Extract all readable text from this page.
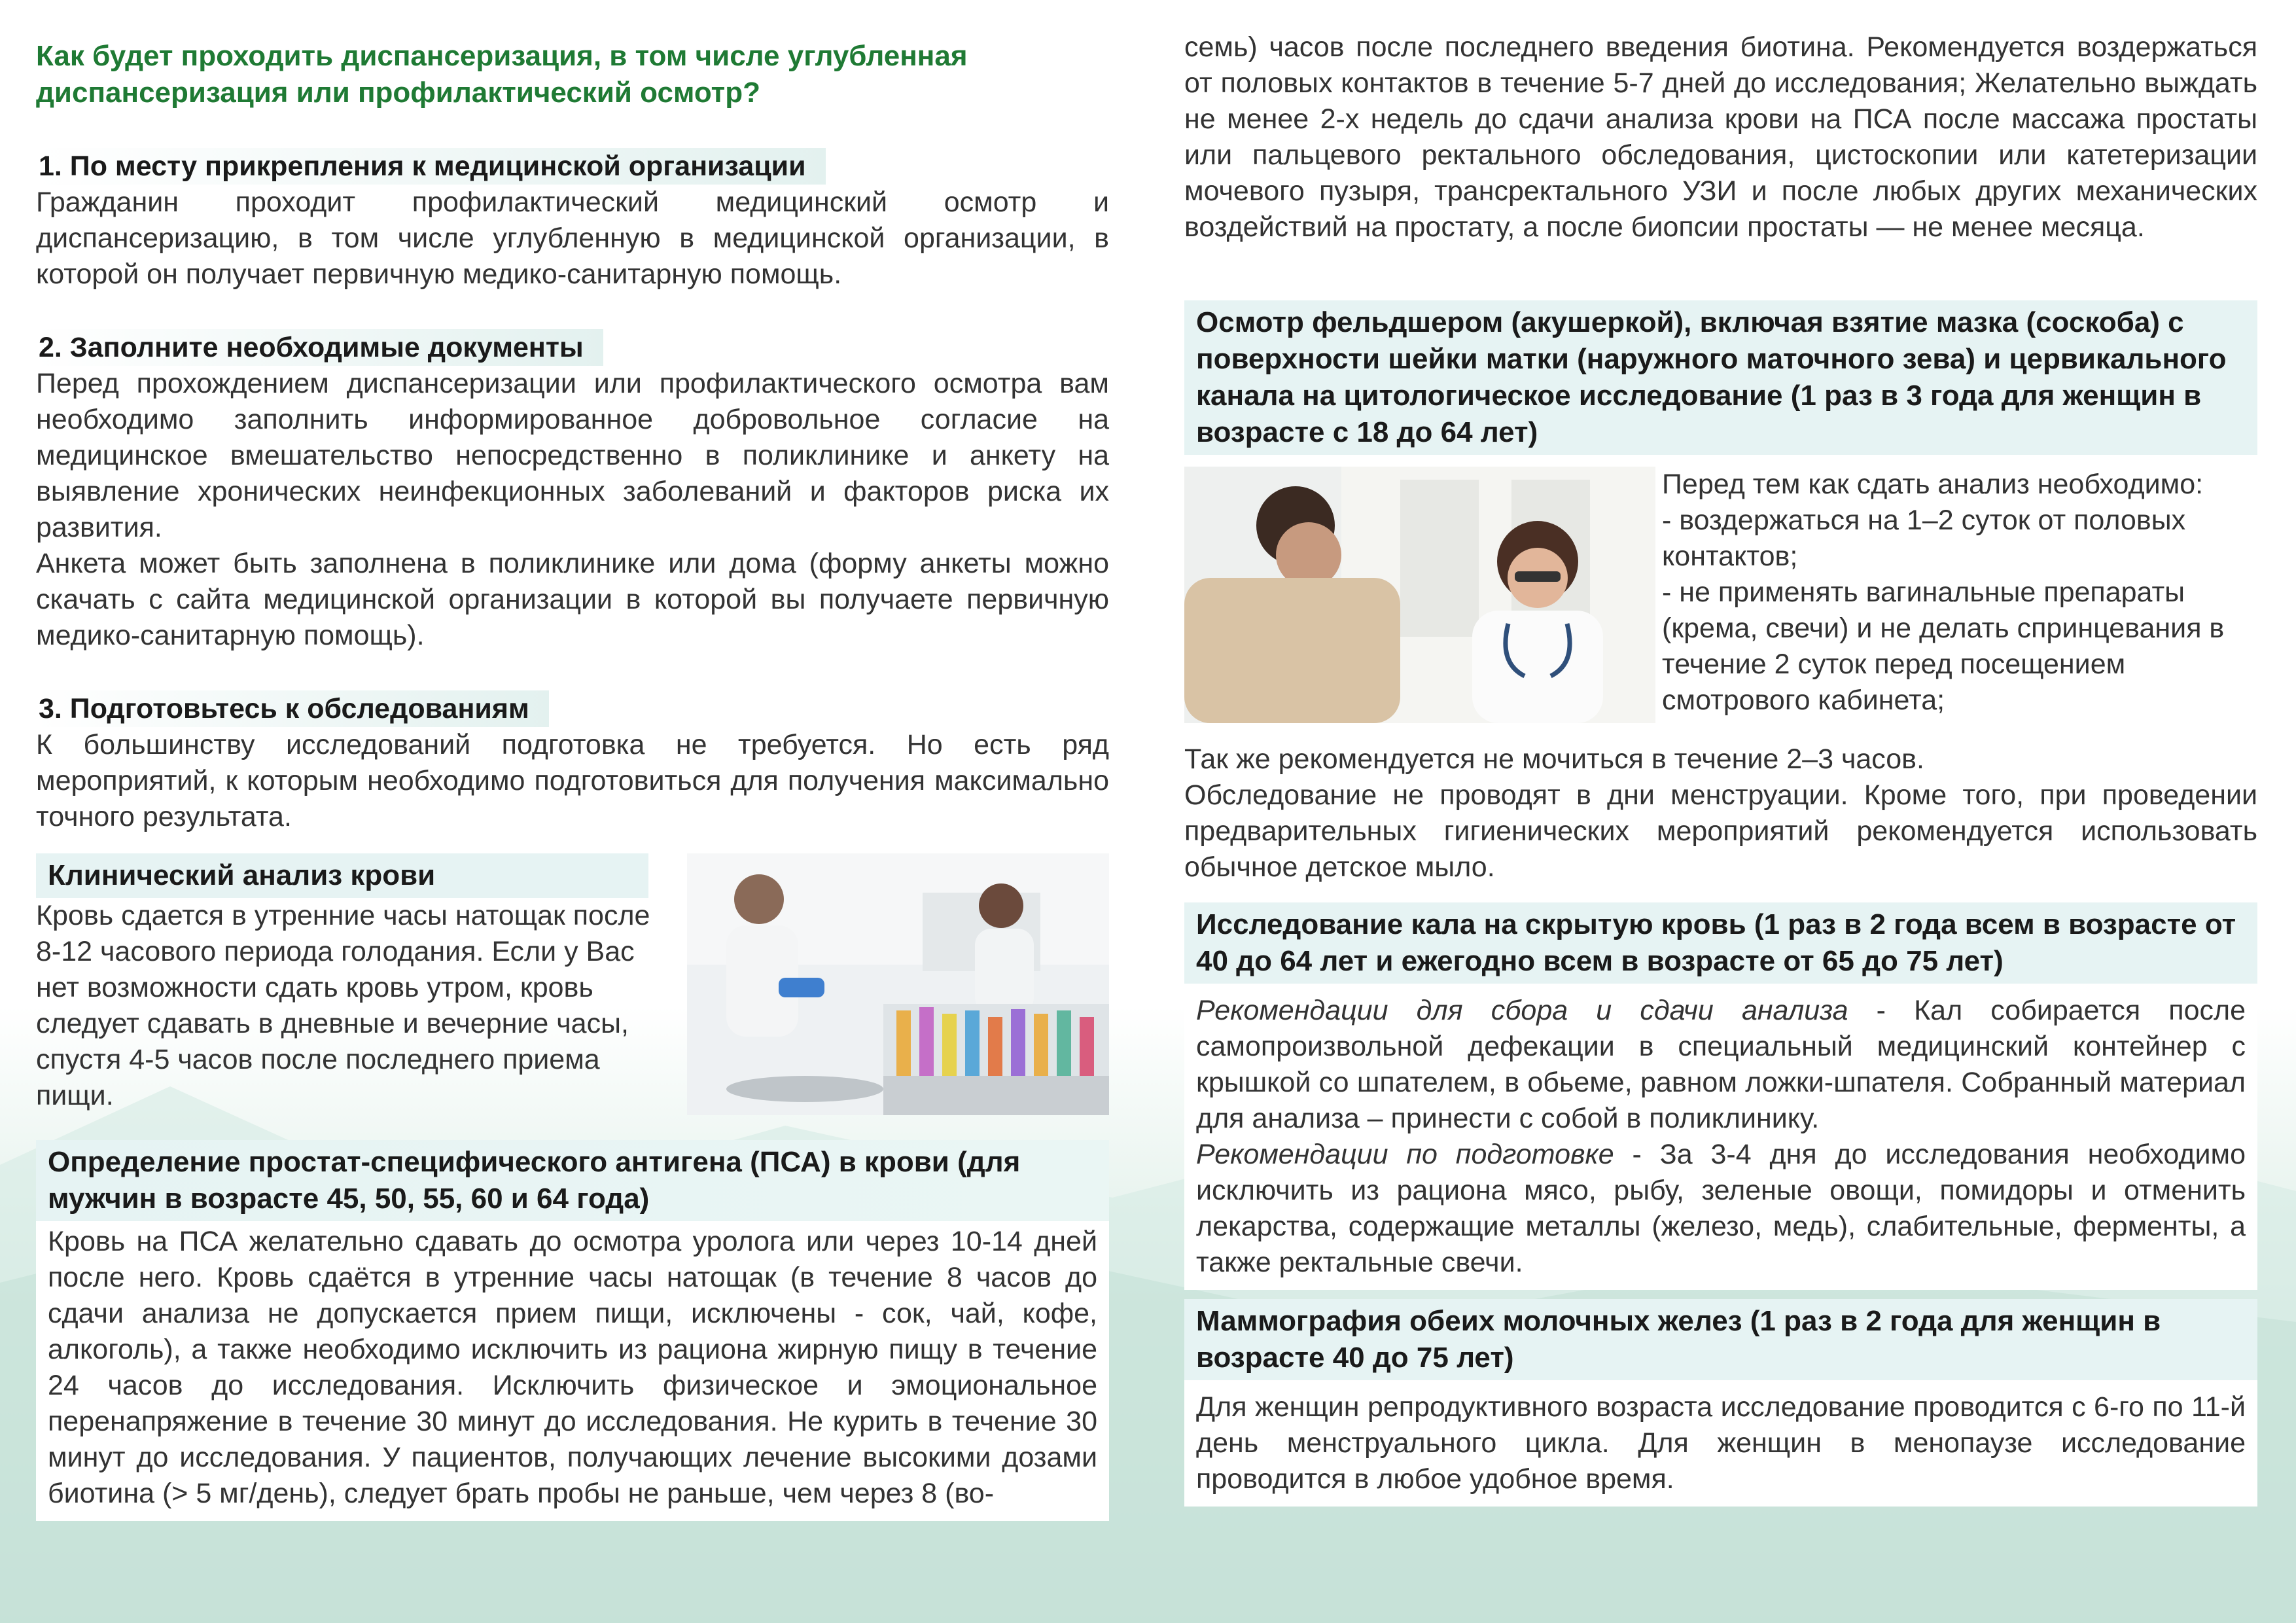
Как будет проходить диспансеризация, в том числе углубленная диспансеризация или профилактический осмотр?
1. По месту прикрепления к медицинской организации

Гражданин проходит профилактический медицинский осмотр и диспансеризацию, в том числе углубленную в медицинской организации, в которой он получает первичную медико-санитарную помощь.

2. Заполните необходимые документы

Перед прохождением диспансеризации или профилактического осмотра вам необходимо заполнить информированное добровольное согласие на медицинское вмешательство непосредственно в поликлинике и анкету на выявление хронических неинфекционных заболеваний и факторов риска их развития.

Анкета может быть заполнена в поликлинике или дома (форму анкеты можно скачать с сайта медицинской организации в которой вы получаете первичную медико-санитарную помощь).

3. Подготовьтесь к обследованиям

К большинству исследований подготовка не требуется. Но есть ряд мероприятий, к которым необходимо подготовиться для получения максимально точного результата.

Клинический анализ крови

Кровь сдается в утренние часы натощак после 8-12 часового периода голодания. Если у Вас нет возможности сдать кровь утром, кровь следует сдавать в дневные и вечерние часы, спустя 4-5 часов после последнего приема пищи.

Определение простат-специфического антигена (ПСА) в крови (для мужчин в возрасте 45, 50, 55, 60 и 64 года)

Кровь на ПСА желательно сдавать до осмотра уролога или через 10-14 дней после него. Кровь сдаётся в утренние часы натощак (в течение 8 часов до сдачи анализа не допускается прием пищи, исключены - сок, чай, кофе, алкоголь), а также необходимо исключить из рациона жирную пищу в течение 24 часов до исследования. Исключить физическое и эмоциональное перенапряжение в течение 30 минут до исследования. Не курить в течение 30 минут до исследования. У пациентов, получающих лечение высокими дозами биотина (> 5 мг/день), следует брать пробы не раньше, чем через 8 (во-

семь) часов после последнего введения биотина. Рекомендуется воздержаться от половых контактов в течение 5-7 дней до исследования; Желательно выждать не менее 2-х недель до сдачи анализа крови на ПСА после массажа простаты или пальцевого ректального обследования, цистоскопии или катетеризации мочевого пузыря, трансректального УЗИ и после любых других механических воздействий на простату, а после биопсии простаты — не менее месяца.

Осмотр фельдшером (акушеркой), включая взятие мазка (соскоба) с поверхности шейки матки (наружного маточного зева) и цервикального канала на цитологическое исследование (1 раз в 3 года для женщин в возрасте с 18 до 64 лет)

Перед тем как сдать анализ необходимо:

- воздержаться на 1–2 суток от половых контактов;

- не применять вагинальные препараты (крема, свечи) и не делать спринцевания в течение 2 суток перед посещением смотрового кабинета;

Так же рекомендуется не мочиться в течение 2–3 часов.

Обследование не проводят в дни менструации. Кроме того, при проведении предварительных гигиенических мероприятий рекомендуется использовать обычное детское мыло.

Исследование кала на скрытую кровь (1 раз в 2 года всем в возрасте от 40 до 64 лет и ежегодно всем в возрасте от 65 до 75 лет)

Рекомендации для сбора и сдачи анализа - Кал собирается после самопроизвольной дефекации в специальный медицинский контейнер с крышкой со шпателем, в обьеме, равном ложки-шпателя. Собранный материал для анализа – принести с собой в поликлинику.

Рекомендации по подготовке - За 3-4 дня до исследования необходимо исключить из рациона мясо, рыбу, зеленые овощи, помидоры и отменить лекарства, содержащие металлы (железо, медь), слабительные, ферменты, а также ректальные свечи.

Маммография обеих молочных желез (1 раз в 2 года для женщин в возрасте 40 до 75 лет)

Для женщин репродуктивного возраста исследование проводится с 6-го по 11-й день менструального цикла. Для женщин в менопаузе исследование проводится в любое удобное время.
